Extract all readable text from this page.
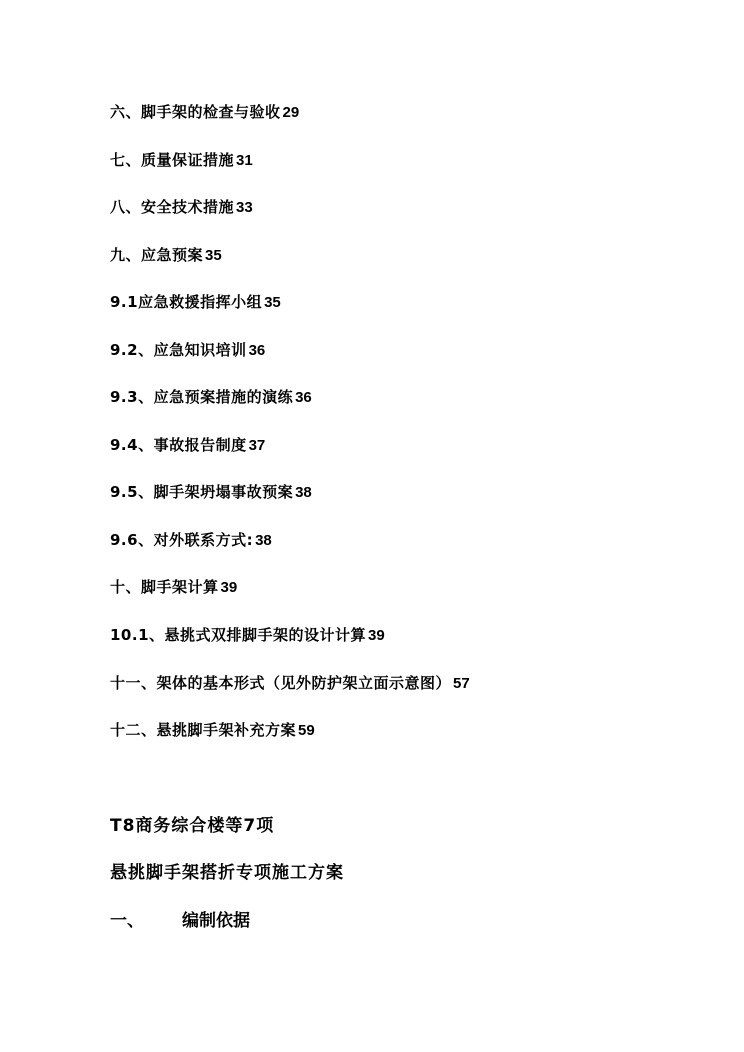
六、脚手架的检查与验收 29
七、质量保证措施 31
八、安全技术措施 33
九、应急预案 35
9.1应急救援指挥小组 35
9.2、应急知识培训 36
9.3、应急预案措施的演练 36
9.4、事故报告制度 37
9.5、脚手架坍塌事故预案 38
9.6、对外联系方式: 38
十、脚手架计算 39
10.1、悬挑式双排脚手架的设计计算 39
十一、架体的基本形式（见外防护架立面示意图） 57
十二、悬挑脚手架补充方案 59
T8商务综合楼等7项
悬挑脚手架搭折专项施工方案
一、 编制依据
